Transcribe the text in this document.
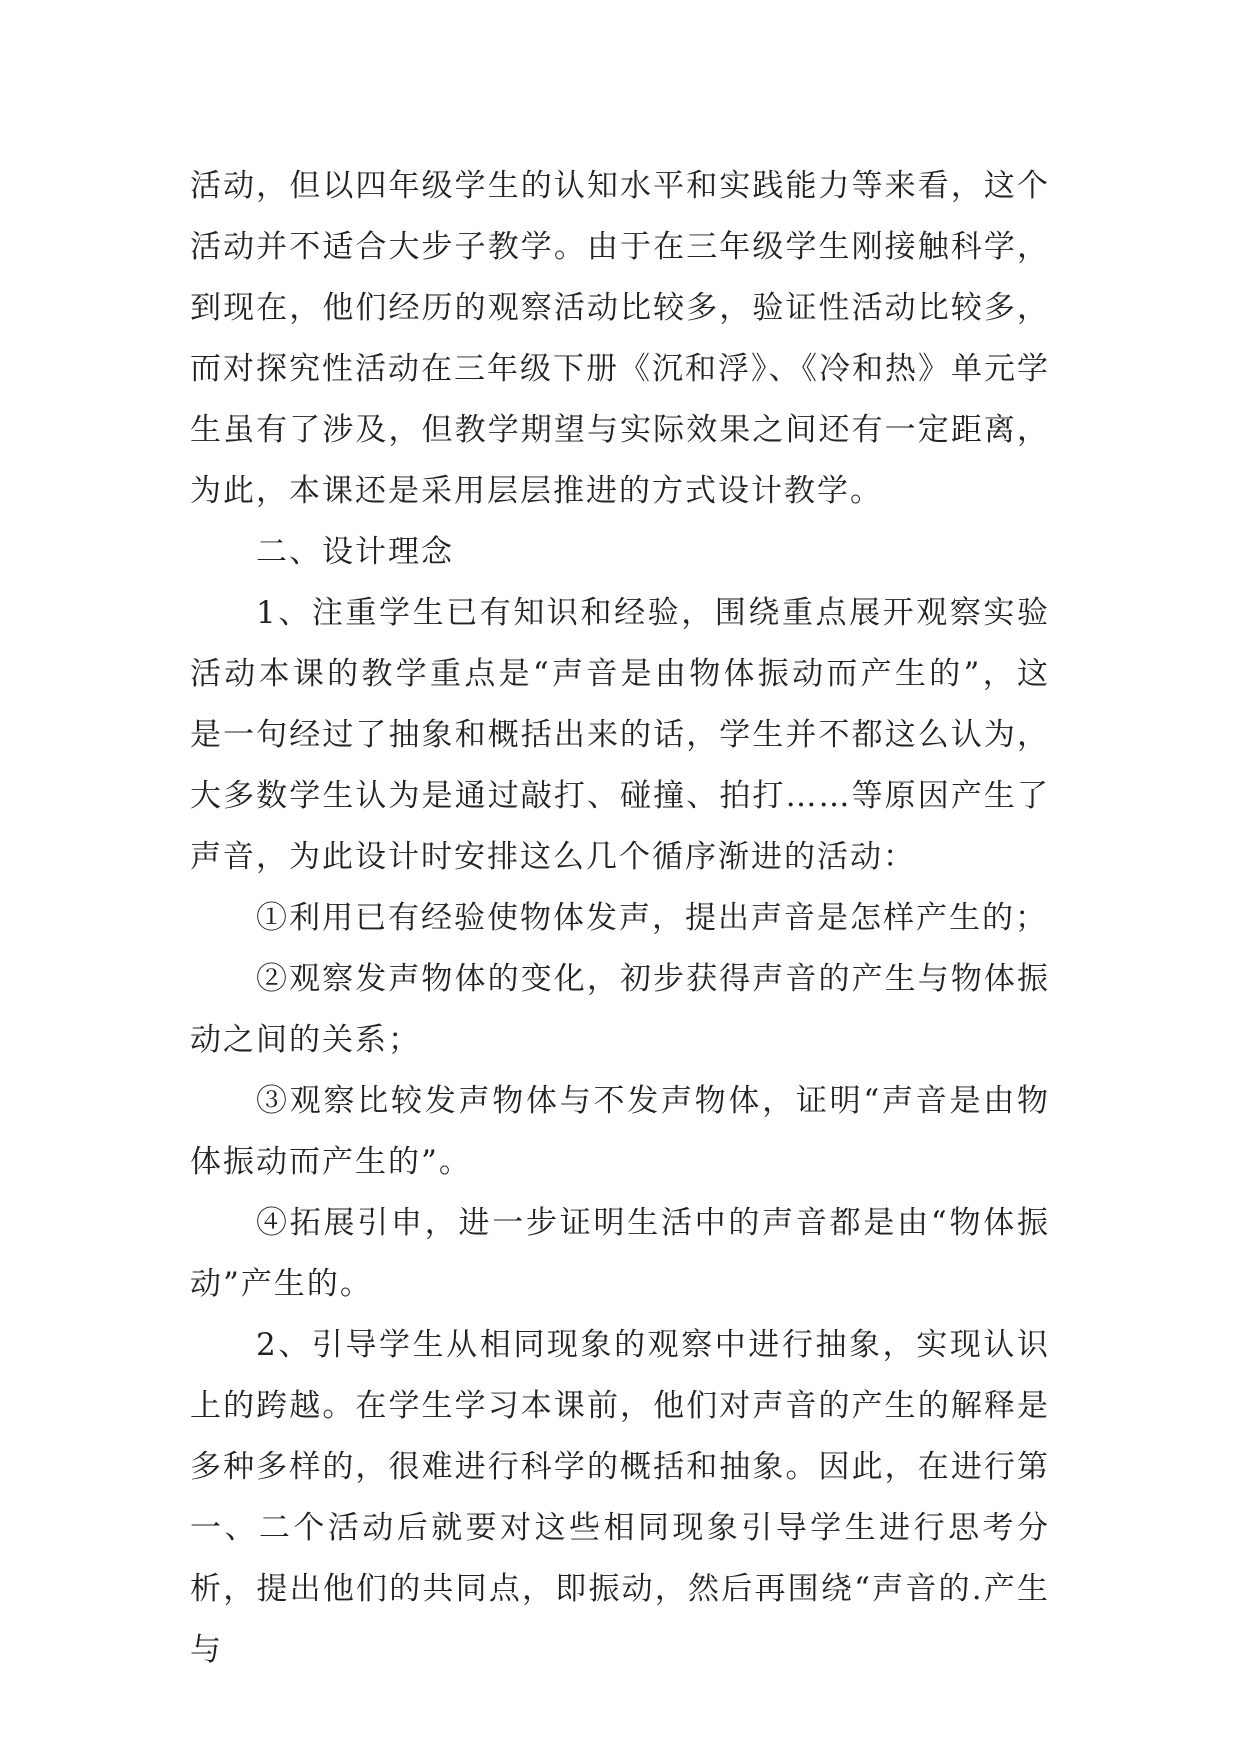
活动，但以四年级学生的认知水平和实践能力等来看，这个活动并不适合大步子教学。由于在三年级学生刚接触科学，到现在，他们经历的观察活动比较多，验证性活动比较多，而对探究性活动在三年级下册《沉和浮》、《冷和热》单元学生虽有了涉及，但教学期望与实际效果之间还有一定距离，为此，本课还是采用层层推进的方式设计教学。

二、设计理念

1、注重学生已有知识和经验，围绕重点展开观察实验活动本课的教学重点是“声音是由物体振动而产生的”，这是一句经过了抽象和概括出来的话，学生并不都这么认为，大多数学生认为是通过敲打、碰撞、拍打……等原因产生了声音，为此设计时安排这么几个循序渐进的活动：

①利用已有经验使物体发声，提出声音是怎样产生的；

②观察发声物体的变化，初步获得声音的产生与物体振动之间的关系；

③观察比较发声物体与不发声物体，证明“声音是由物体振动而产生的”。

④拓展引申，进一步证明生活中的声音都是由“物体振动”产生的。

2、引导学生从相同现象的观察中进行抽象，实现认识上的跨越。在学生学习本课前，他们对声音的产生的解释是多种多样的，很难进行科学的概括和抽象。因此，在进行第一、二个活动后就要对这些相同现象引导学生进行思考分析，提出他们的共同点，即振动，然后再围绕“声音的.产生与
